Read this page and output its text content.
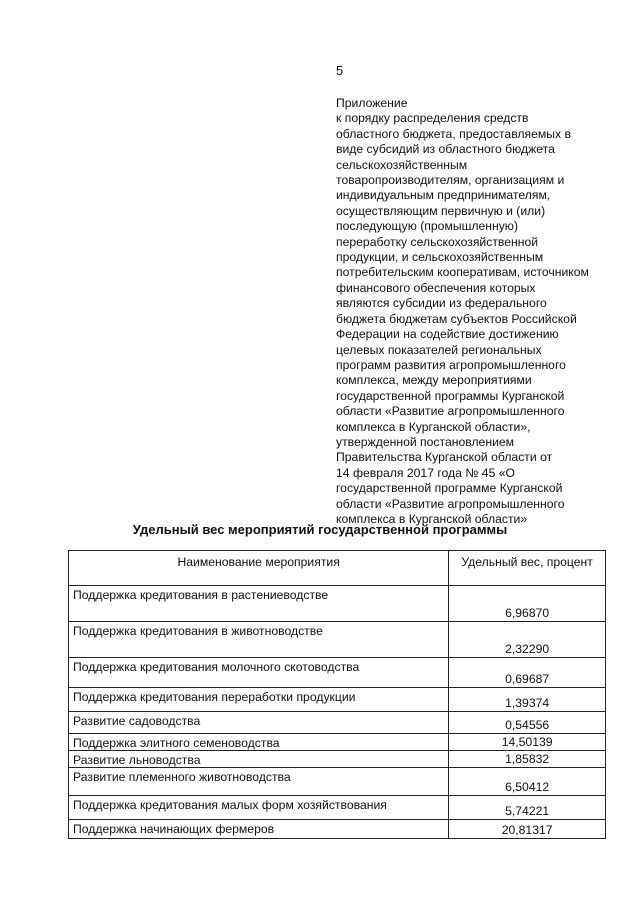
5
Приложение
к порядку распределения средств
областного бюджета, предоставляемых в
виде субсидий из областного бюджета
сельскохозяйственным
товаропроизводителям, организациям и
индивидуальным предпринимателям,
осуществляющим первичную и (или)
последующую (промышленную)
переработку сельскохозяйственной
продукции, и сельскохозяйственным
потребительским кооперативам, источником
финансового обеспечения которых
являются субсидии из федерального
бюджета бюджетам субъектов Российской
Федерации на содействие достижению
целевых показателей региональных
программ развития агропромышленного
комплекса, между мероприятиями
государственной программы Курганской
области «Развитие агропромышленного
комплекса в Курганской области»,
утвержденной постановлением
Правительства Курганской области от
14 февраля 2017 года № 45 «О
государственной программе Курганской
области «Развитие агропромышленного
комплекса в Курганской области»
Удельный вес мероприятий государственной программы
Наименование мероприятия	Удельный вес, процент
Поддержка кредитования в растениеводстве	6,96870
Поддержка кредитования в животноводстве	2,32290
Поддержка кредитования молочного скотоводства	0,69687
Поддержка кредитования переработки продукции	1,39374
Развитие садоводства	0,54556
Поддержка элитного семеноводства	14,50139
Развитие льноводства	1,85832
Развитие племенного животноводства	6,50412
Поддержка кредитования малых форм хозяйствования	5,74221
Поддержка начинающих фермеров	20,81317
